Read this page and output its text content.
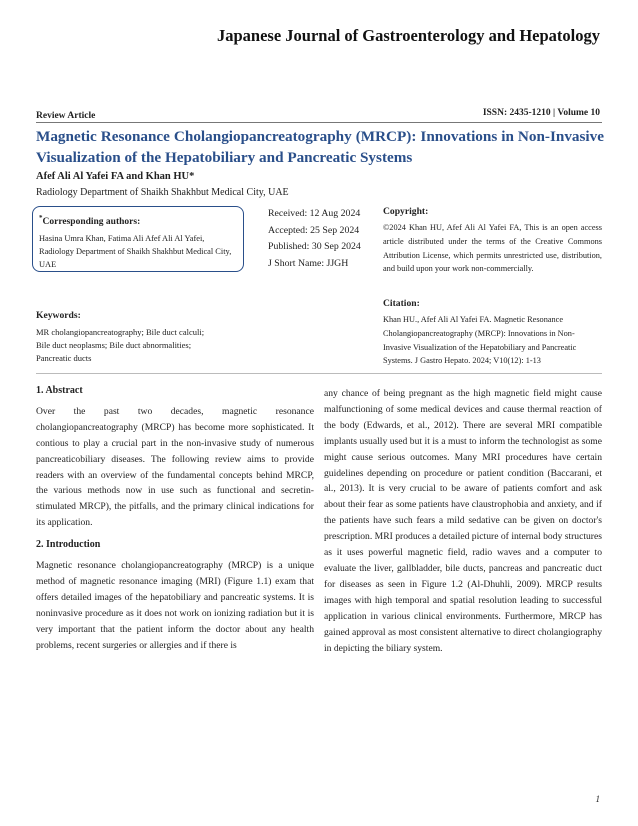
Japanese Journal of Gastroenterology and Hepatology
Review Article	ISSN: 2435-1210 | Volume 10
Magnetic Resonance Cholangiopancreatography (MRCP): Innovations in Non-Invasive
Visualization of the Hepatobiliary and Pancreatic Systems
Afef Ali Al Yafei FA and Khan HU*
Radiology Department of Shaikh Shakhbut Medical City, UAE
*Corresponding authors:
Hasina Umra Khan, Fatima Ali Afef Ali Al Yafei, Radiology Department of Shaikh Shakhbut Medical City, UAE
Received: 12 Aug 2024
Accepted: 25 Sep 2024
Published: 30 Sep 2024
J Short Name: JJGH
Copyright:
©2024 Khan HU, Afef Ali Al Yafei FA, This is an open access article distributed under the terms of the Creative Commons Attribution License, which permits unrestricted use, distribution, and build upon your work non-commercially.
Keywords:
MR cholangiopancreatography; Bile duct calculi;
Bile duct neoplasms; Bile duct abnormalities;
Pancreatic ducts
Citation:
Khan HU., Afef Ali Al Yafei FA. Magnetic Resonance Cholangiopancreatography (MRCP): Innovations in Non-Invasive Visualization of the Hepatobiliary and Pancreatic Systems. J Gastro Hepato. 2024; V10(12): 1-13
1. Abstract

Over the past two decades, magnetic resonance cholangiopancreatography (MRCP) has become more sophisticated. It contious to play a crucial part in the non-invasive study of numerous pancreaticobiliary diseases. The following review aims to provide readers with an overview of the fundamental concepts behind MRCP, the various methods now in use such as functional and secretin-stimulated MRCP), the pitfalls, and the primary clinical indications for its application.

2. Introduction

Magnetic resonance cholangiopancreatography (MRCP) is a unique method of magnetic resonance imaging (MRI) (Figure 1.1) exam that offers detailed images of the hepatobiliary and pancreatic systems. It is noninvasive procedure as it does not work on ionizing radiation but it is very important that the patient inform the doctor about any health problems, recent surgeries or allergies and if there is

any chance of being pregnant as the high magnetic field might cause malfunctioning of some medical devices and cause thermal reaction of the body (Edwards, et al., 2012). There are several MRI compatible implants usually used but it is a must to inform the technologist as some might cause serious outcomes. Many MRI procedures have certain guidelines depending on procedure or patient condition (Baccarani, et al., 2013). It is very crucial to be aware of patients comfort and ask about their fear as some patients have claustrophobia and anxiety, and if the patients have such fears a mild sedative can be given on doctor's prescription. MRI produces a detailed picture of internal body structures as it uses powerful magnetic field, radio waves and a computer to evaluate the liver, gallbladder, bile ducts, pancreas and pancreatic duct for diseases as seen in Figure 1.2 (Al-Dhuhli, 2009). MRCP results images with high temporal and spatial resolution leading to successful application in various clinical environments. Furthermore, MRCP has gained approval as most consistent alternative to direct cholangiography in depicting the biliary system.

1
